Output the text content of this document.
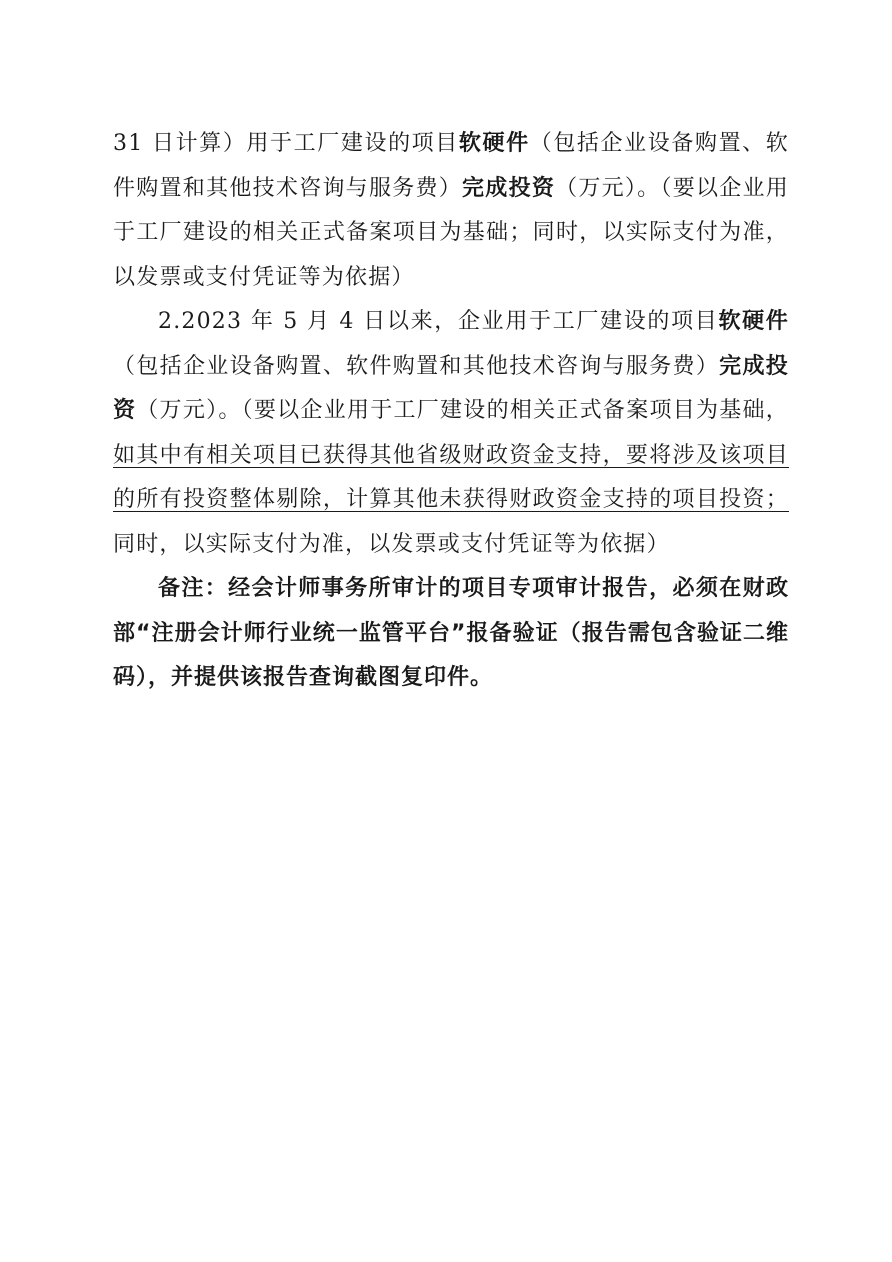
31 日计算）用于工厂建设的项目软硬件（包括企业设备购置、软件购置和其他技术咨询与服务费）完成投资（万元）。（要以企业用于工厂建设的相关正式备案项目为基础；同时，以实际支付为准，以发票或支付凭证等为依据）

2.2023 年 5 月 4 日以来，企业用于工厂建设的项目软硬件（包括企业设备购置、软件购置和其他技术咨询与服务费）完成投资（万元）。（要以企业用于工厂建设的相关正式备案项目为基础，如其中有相关项目已获得其他省级财政资金支持，要将涉及该项目的所有投资整体剔除，计算其他未获得财政资金支持的项目投资；同时，以实际支付为准，以发票或支付凭证等为依据）

备注：经会计师事务所审计的项目专项审计报告，必须在财政部“注册会计师行业统一监管平台”报备验证（报告需包含验证二维码），并提供该报告查询截图复印件。
